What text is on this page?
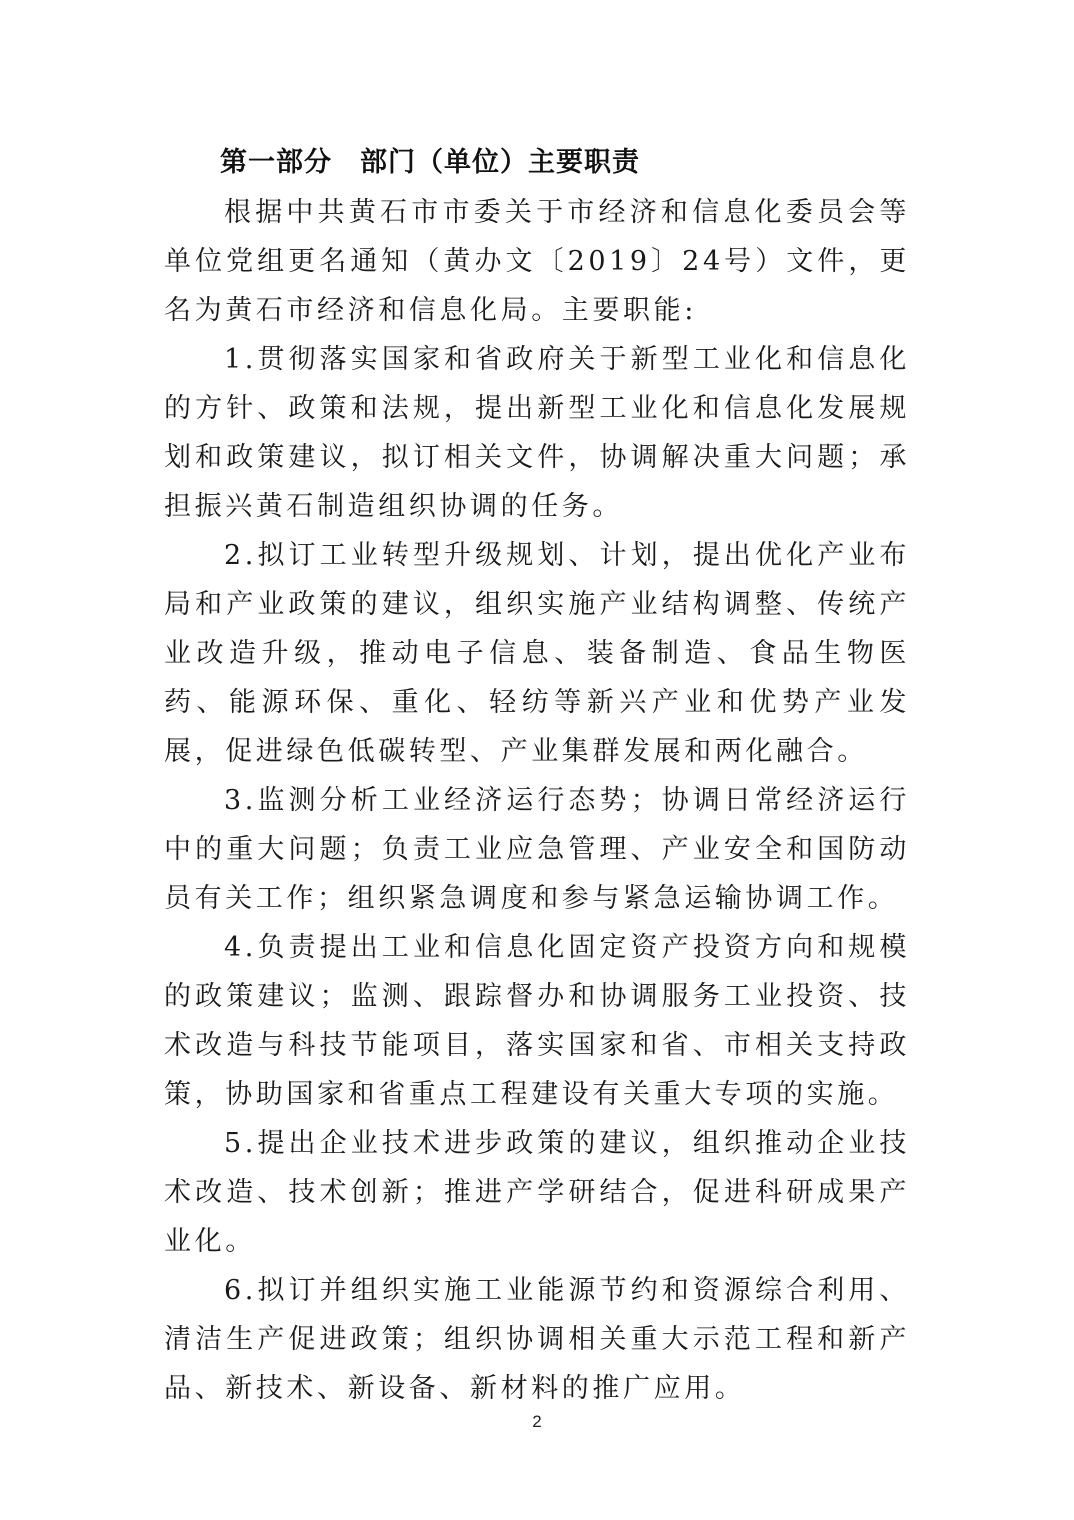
第一部分　部门（单位）主要职责

根据中共黄石市市委关于市经济和信息化委员会等单位党组更名通知（黄办文〔2019〕24号）文件，更名为黄石市经济和信息化局。主要职能:

1.贯彻落实国家和省政府关于新型工业化和信息化的方针、政策和法规，提出新型工业化和信息化发展规划和政策建议，拟订相关文件，协调解决重大问题；承担振兴黄石制造组织协调的任务。

2.拟订工业转型升级规划、计划，提出优化产业布局和产业政策的建议，组织实施产业结构调整、传统产业改造升级，推动电子信息、装备制造、食品生物医药、能源环保、重化、轻纺等新兴产业和优势产业发展，促进绿色低碳转型、产业集群发展和两化融合。

3.监测分析工业经济运行态势；协调日常经济运行中的重大问题；负责工业应急管理、产业安全和国防动员有关工作；组织紧急调度和参与紧急运输协调工作。

4.负责提出工业和信息化固定资产投资方向和规模的政策建议；监测、跟踪督办和协调服务工业投资、技术改造与科技节能项目，落实国家和省、市相关支持政策，协助国家和省重点工程建设有关重大专项的实施。

5.提出企业技术进步政策的建议，组织推动企业技术改造、技术创新；推进产学研结合，促进科研成果产业化。

6.拟订并组织实施工业能源节约和资源综合利用、清洁生产促进政策；组织协调相关重大示范工程和新产品、新技术、新设备、新材料的推广应用。

2
